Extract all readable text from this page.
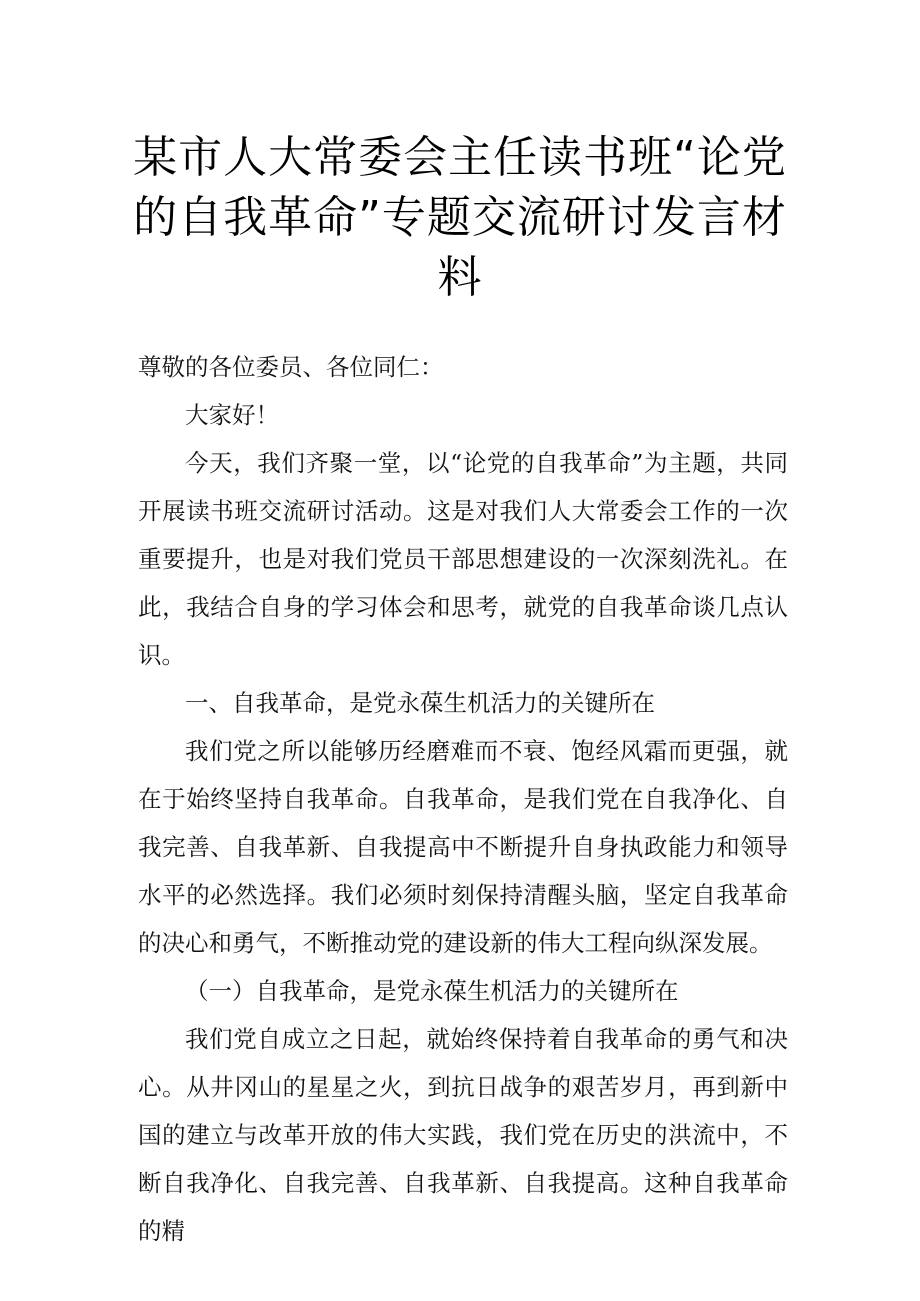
某市人大常委会主任读书班“论党
的自我革命”专题交流研讨发言材
料

尊敬的各位委员、各位同仁：

大家好！

今天，我们齐聚一堂，以“论党的自我革命”为主题，共同开展读书班交流研讨活动。这是对我们人大常委会工作的一次重要提升，也是对我们党员干部思想建设的一次深刻洗礼。在此，我结合自身的学习体会和思考，就党的自我革命谈几点认识。

一、自我革命，是党永葆生机活力的关键所在

我们党之所以能够历经磨难而不衰、饱经风霜而更强，就在于始终坚持自我革命。自我革命，是我们党在自我净化、自我完善、自我革新、自我提高中不断提升自身执政能力和领导水平的必然选择。我们必须时刻保持清醒头脑，坚定自我革命的决心和勇气，不断推动党的建设新的伟大工程向纵深发展。

（一）自我革命，是党永葆生机活力的关键所在

我们党自成立之日起，就始终保持着自我革命的勇气和决心。从井冈山的星星之火，到抗日战争的艰苦岁月，再到新中国的建立与改革开放的伟大实践，我们党在历史的洪流中，不断自我净化、自我完善、自我革新、自我提高。这种自我革命的精
